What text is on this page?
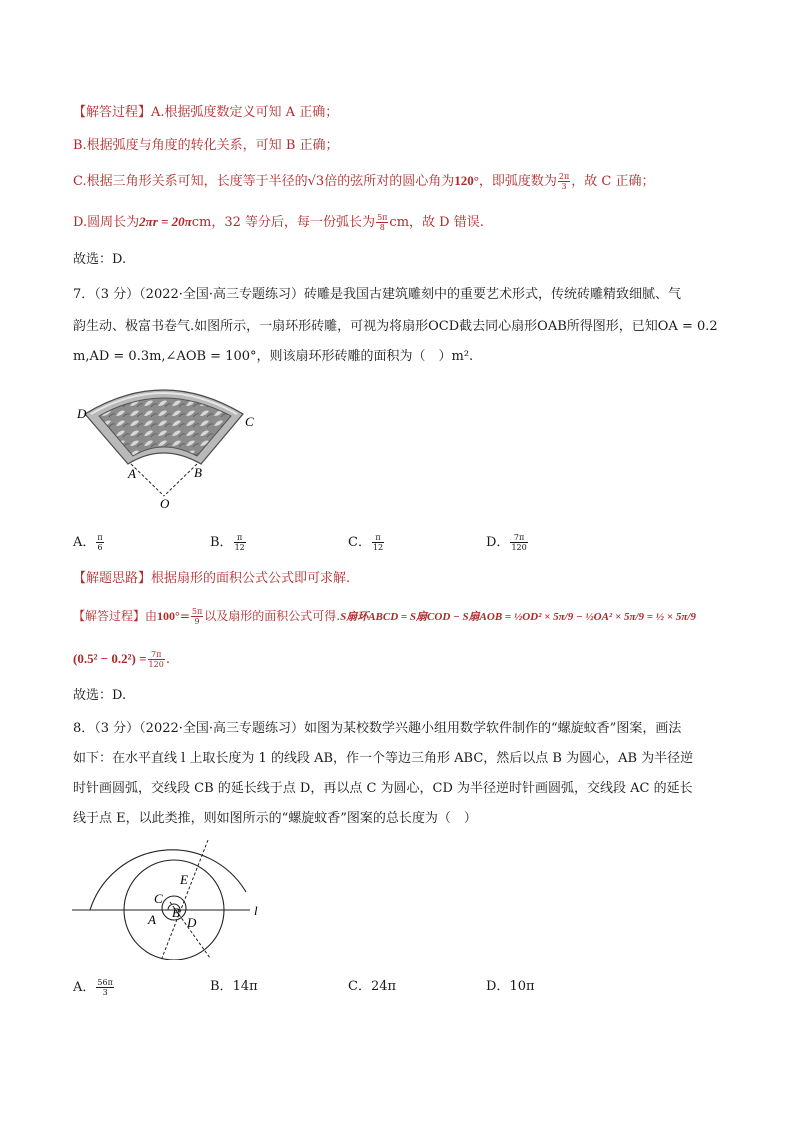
【解答过程】A.根据弧度数定义可知 A 正确；
B.根据弧度与角度的转化关系，可知 B 正确；
C.根据三角形关系可知，长度等于半径的√3倍的弦所对的圆心角为120°，即弧度数为 $\frac{2\pi}{3}$ ，故 C 正确；
D.圆周长为2πr = 20πcm，32 等分后，每一份弧长为 $\frac{5\pi}{8}$ cm，故 D 错误.
故选：D.
7．（3 分）（2022·全国·高三专题练习）砖雕是我国古建筑雕刻中的重要艺术形式，传统砖雕精致细腻、气
韵生动、极富书卷气.如图所示，一扇环形砖雕，可视为将扇形OCD截去同心扇形OAB所得图形，已知OA = 0.2
m,AD = 0.3m,∠AOB = 100°，则该扇环形砖雕的面积为（　）m².
D
C
A	B
O
A． $\frac{\pi}{6}$	B． $\frac{\pi}{12}$	C． $\frac{\pi}{12}$	D． $\frac{7\pi}{120}$
【解题思路】根据扇形的面积公式公式即可求解.
【解答过程】由$100^\circ= \frac{5\pi}{9}$ 以及扇形的面积公式可得.S扇环ABCD = S扇COD − S扇AOB = ½OD² × 5π/9 − ½OA² × 5π/9 = ½ × 5π/9
$(0.5^2 - 0.2^2) = \frac{7\pi}{120}$ .
故选：D.
8．（3 分）（2022·全国·高三专题练习）如图为某校数学兴趣小组用数学软件制作的“螺旋蚊香”图案，画法
如下：在水平直线 l 上取长度为 1 的线段 AB，作一个等边三角形 ABC，然后以点 B 为圆心，AB 为半径逆
时针画圆弧，交线段 CB 的延长线于点 D，再以点 C 为圆心，CD 为半径逆时针画圆弧，交线段 AC 的延长
线于点 E，以此类推，则如图所示的“螺旋蚊香”图案的总长度为（　）
C
E
B
A D
l
A． $\frac{56\pi}{3}$	B．14π	C．24π	D．10π
